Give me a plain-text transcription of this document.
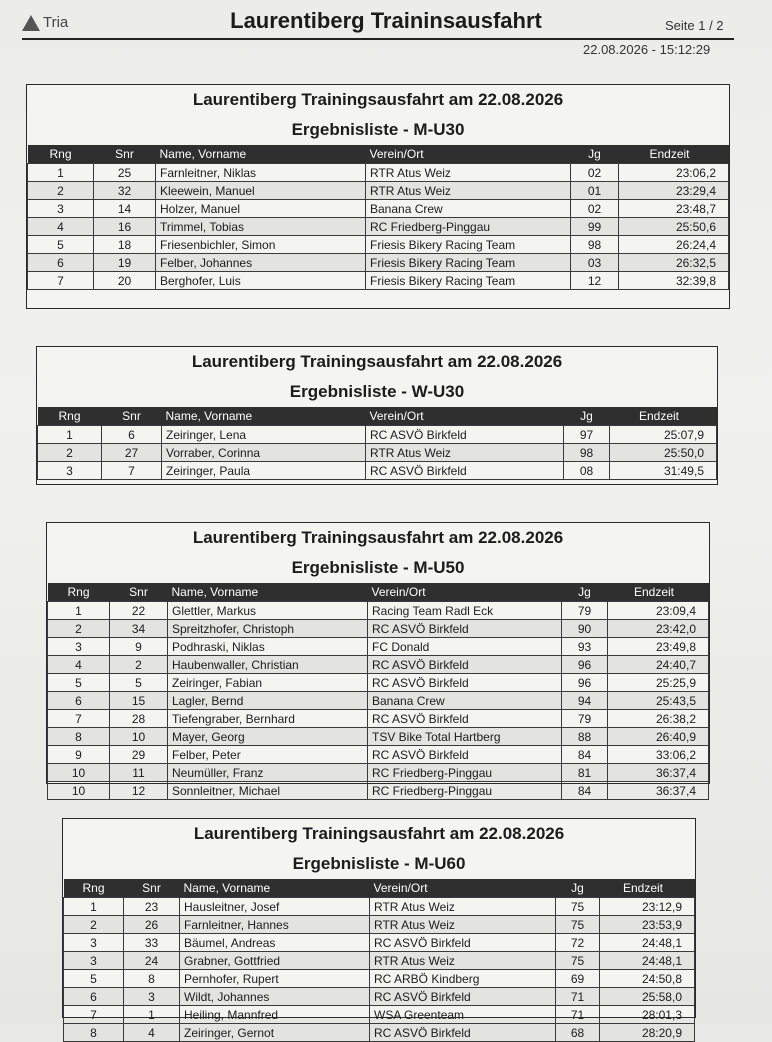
Tria	Laurentiberg Traininsausfahrt	Seite 1 / 2
22.08.2026 - 15:12:29
Laurentiberg Trainingsausfahrt am 22.08.2026
Ergebnisliste - M-U30
Rng	Snr	Name, Vorname	Verein/Ort	Jg	Endzeit
1	25	Farnleitner, Niklas	RTR Atus Weiz	02	23:06,2
2	32	Kleewein, Manuel	RTR Atus Weiz	01	23:29,4
3	14	Holzer, Manuel	Banana Crew	02	23:48,7
4	16	Trimmel, Tobias	RC Friedberg-Pinggau	99	25:50,6
5	18	Friesenbichler, Simon	Friesis Bikery Racing Team	98	26:24,4
6	19	Felber, Johannes	Friesis Bikery Racing Team	03	26:32,5
7	20	Berghofer, Luis	Friesis Bikery Racing Team	12	32:39,8
Laurentiberg Trainingsausfahrt am 22.08.2026
Ergebnisliste - W-U30
Rng	Snr	Name, Vorname	Verein/Ort	Jg	Endzeit
1	6	Zeiringer, Lena	RC ASVÖ Birkfeld	97	25:07,9
2	27	Vorraber, Corinna	RTR Atus Weiz	98	25:50,0
3	7	Zeiringer, Paula	RC ASVÖ Birkfeld	08	31:49,5
Laurentiberg Trainingsausfahrt am 22.08.2026
Ergebnisliste - M-U50
Rng	Snr	Name, Vorname	Verein/Ort	Jg	Endzeit
1	22	Glettler, Markus	Racing Team Radl Eck	79	23:09,4
2	34	Spreitzhofer, Christoph	RC ASVÖ Birkfeld	90	23:42,0
3	9	Podhraski, Niklas	FC Donald	93	23:49,8
4	2	Haubenwaller, Christian	RC ASVÖ Birkfeld	96	24:40,7
5	5	Zeiringer, Fabian	RC ASVÖ Birkfeld	96	25:25,9
6	15	Lagler, Bernd	Banana Crew	94	25:43,5
7	28	Tiefengraber, Bernhard	RC ASVÖ Birkfeld	79	26:38,2
8	10	Mayer, Georg	TSV Bike Total Hartberg	88	26:40,9
9	29	Felber, Peter	RC ASVÖ Birkfeld	84	33:06,2
10	11	Neumüller, Franz	RC Friedberg-Pinggau	81	36:37,4
10	12	Sonnleitner, Michael	RC Friedberg-Pinggau	84	36:37,4
Laurentiberg Trainingsausfahrt am 22.08.2026
Ergebnisliste - M-U60
Rng	Snr	Name, Vorname	Verein/Ort	Jg	Endzeit
1	23	Hausleitner, Josef	RTR Atus Weiz	75	23:12,9
2	26	Farnleitner, Hannes	RTR Atus Weiz	75	23:53,9
3	33	Bäumel, Andreas	RC ASVÖ Birkfeld	72	24:48,1
3	24	Grabner, Gottfried	RTR Atus Weiz	75	24:48,1
5	8	Pernhofer, Rupert	RC ARBÖ Kindberg	69	24:50,8
6	3	Wildt, Johannes	RC ASVÖ Birkfeld	71	25:58,0
7	1	Heiling, Mannfred	WSA Greenteam	71	28:01,3
8	4	Zeiringer, Gernot	RC ASVÖ Birkfeld	68	28:20,9
